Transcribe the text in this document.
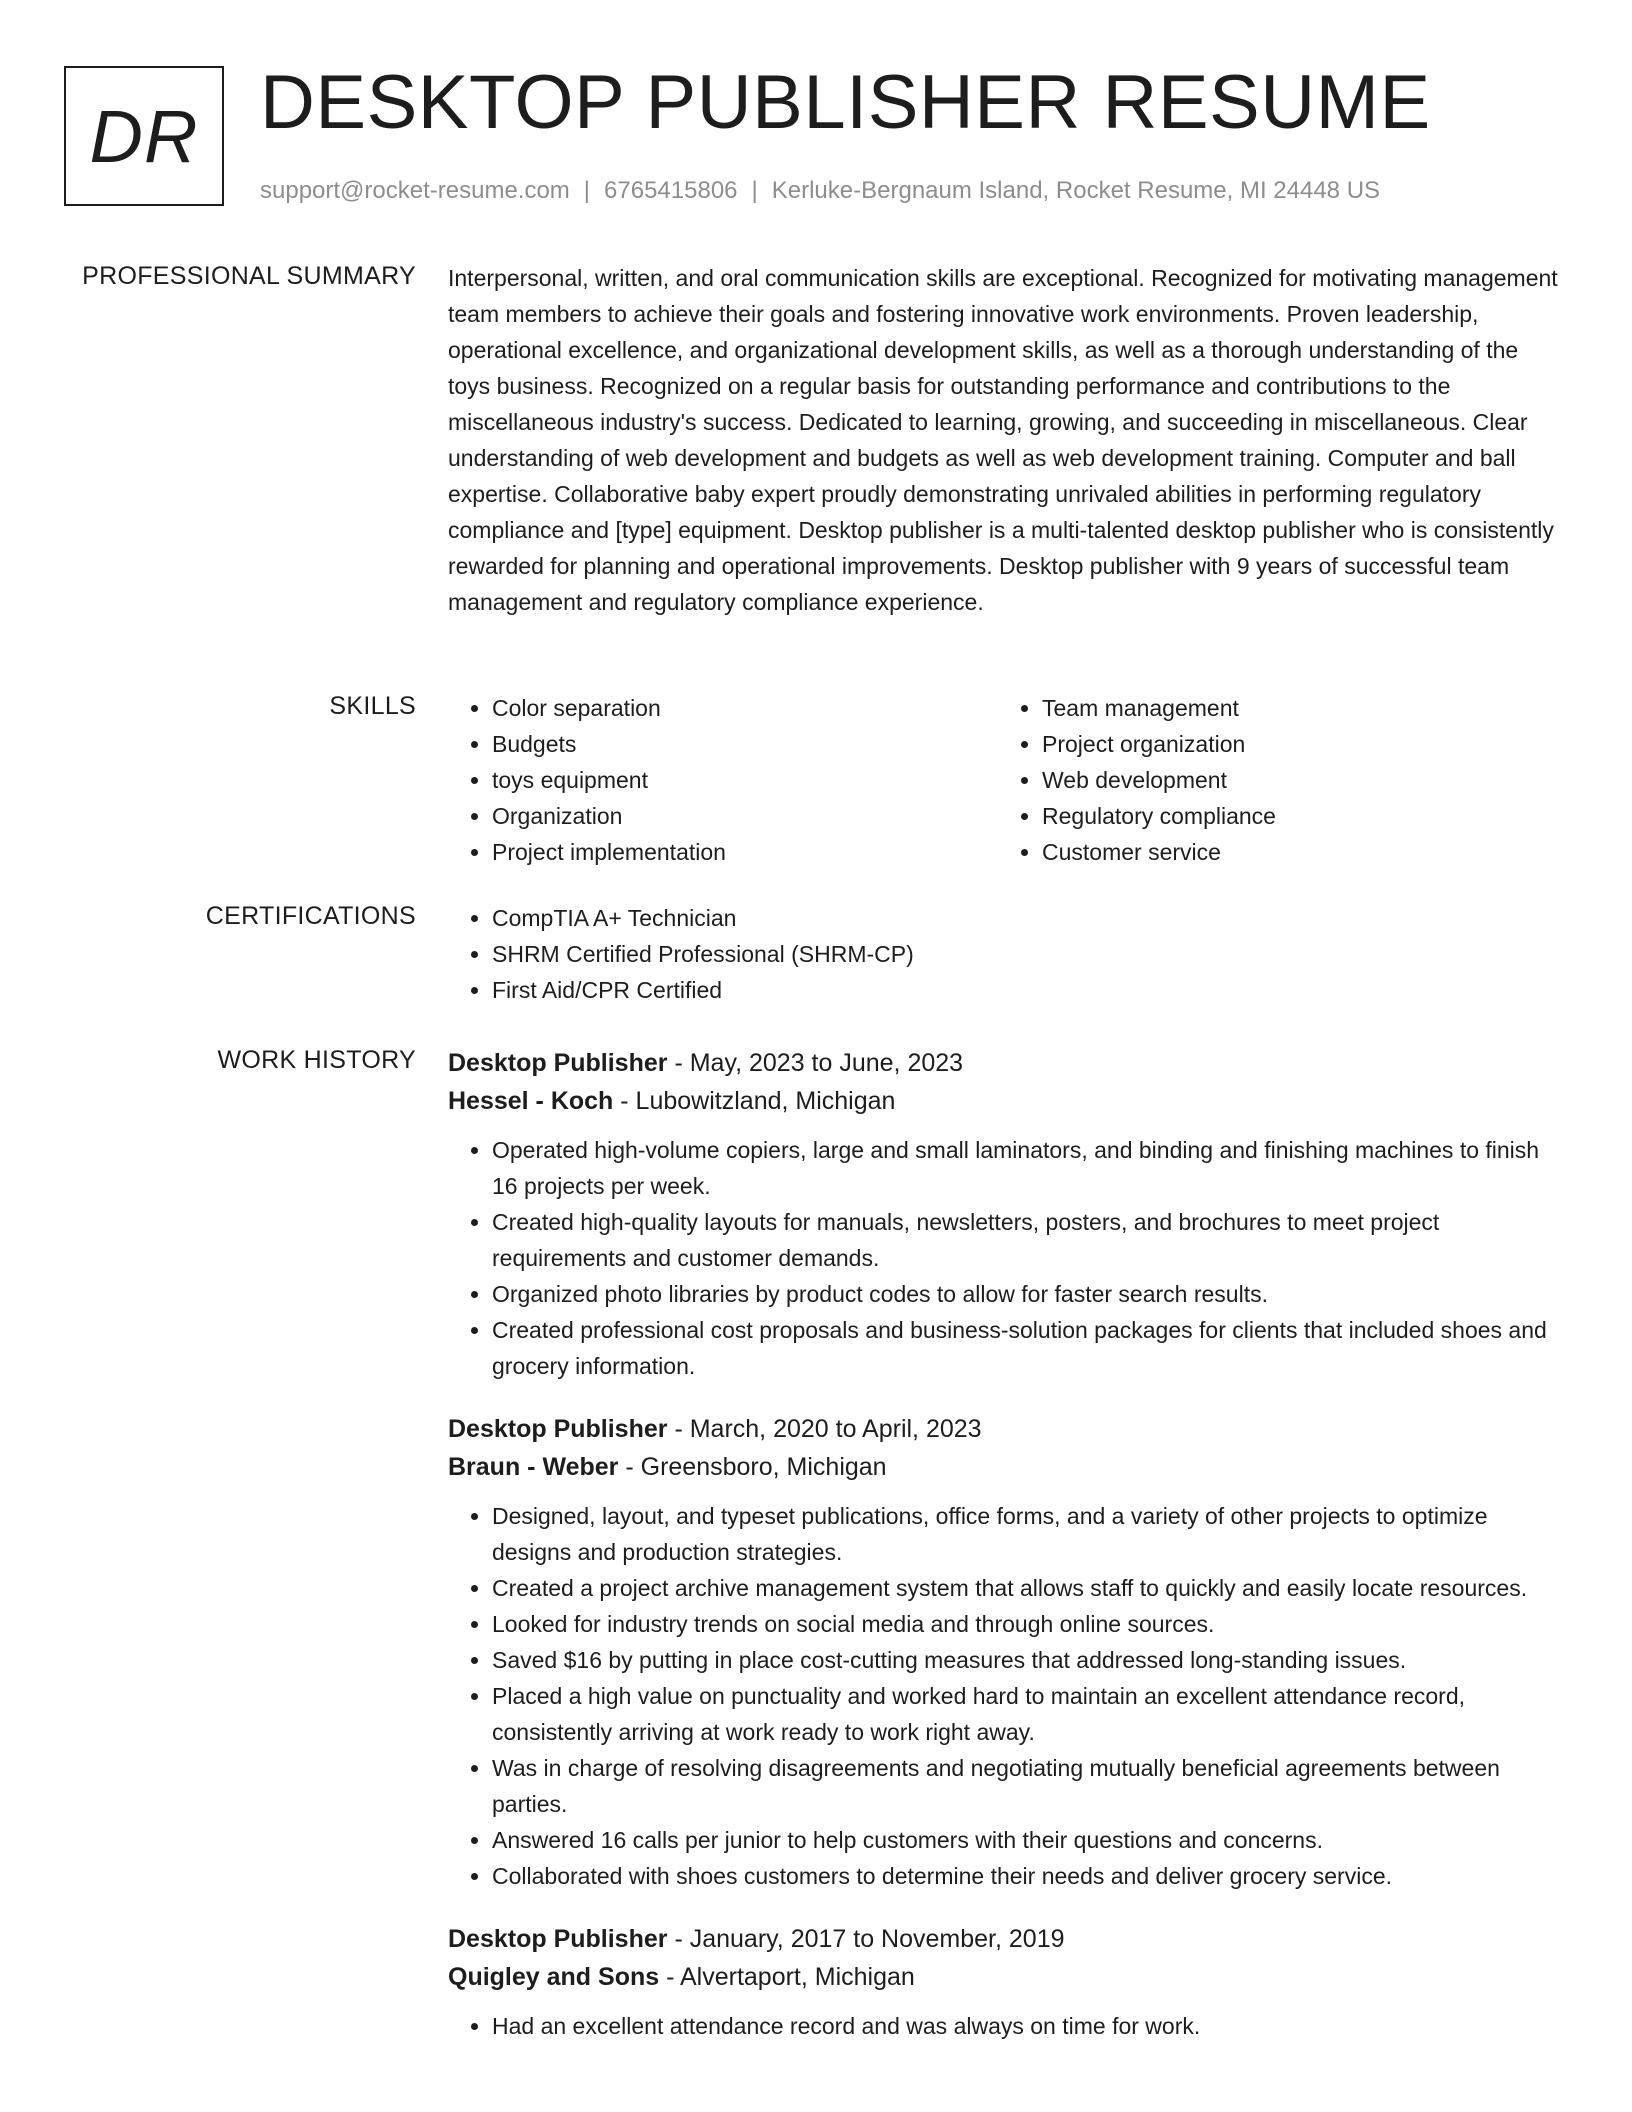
DR DESKTOP PUBLISHER RESUME
support@rocket-resume.com | 6765415806 | Kerluke-Bergnaum Island, Rocket Resume, MI 24448 US
PROFESSIONAL SUMMARY Interpersonal, written, and oral communication skills are exceptional. Recognized for motivating management team members to achieve their goals and fostering innovative work environments. Proven leadership, operational excellence, and organizational development skills, as well as a thorough understanding of the toys business. Recognized on a regular basis for outstanding performance and contributions to the miscellaneous industry's success. Dedicated to learning, growing, and succeeding in miscellaneous. Clear understanding of web development and budgets as well as web development training. Computer and ball expertise. Collaborative baby expert proudly demonstrating unrivaled abilities in performing regulatory compliance and [type] equipment. Desktop publisher is a multi-talented desktop publisher who is consistently rewarded for planning and operational improvements. Desktop publisher with 9 years of successful team management and regulatory compliance experience.

SKILLS	• Color separation
• Budgets
• toys equipment
• Organization
• Project implementation
• Team management
• Project organization
• Web development
• Regulatory compliance
• Customer service
CERTIFICATIONS	• CompTIA A+ Technician
• SHRM Certified Professional (SHRM-CP)
• First Aid/CPR Certified
WORK HISTORY Desktop Publisher - May, 2023 to June, 2023
Hessel - Koch - Lubowitzland, Michigan
• Operated high-volume copiers, large and small laminators, and binding and finishing machines to finish 16 projects per week.
• Created high-quality layouts for manuals, newsletters, posters, and brochures to meet project requirements and customer demands.
• Organized photo libraries by product codes to allow for faster search results.
• Created professional cost proposals and business-solution packages for clients that included shoes and grocery information.
Desktop Publisher - March, 2020 to April, 2023
Braun - Weber - Greensboro, Michigan
• Designed, layout, and typeset publications, office forms, and a variety of other projects to optimize designs and production strategies.
• Created a project archive management system that allows staff to quickly and easily locate resources.
• Looked for industry trends on social media and through online sources.
• Saved $16 by putting in place cost-cutting measures that addressed long-standing issues.
• Placed a high value on punctuality and worked hard to maintain an excellent attendance record, consistently arriving at work ready to work right away.
• Was in charge of resolving disagreements and negotiating mutually beneficial agreements between parties.
• Answered 16 calls per junior to help customers with their questions and concerns.
• Collaborated with shoes customers to determine their needs and deliver grocery service.
Desktop Publisher - January, 2017 to November, 2019
Quigley and Sons - Alvertaport, Michigan
• Had an excellent attendance record and was always on time for work.
